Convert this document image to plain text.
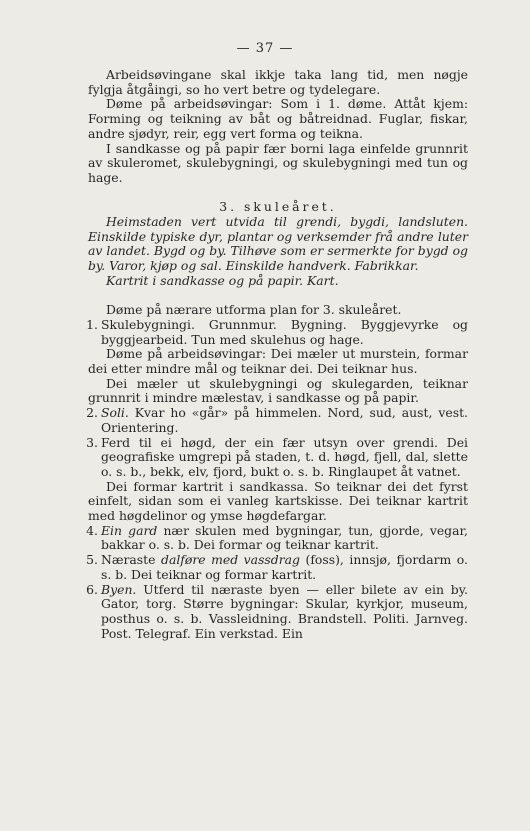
— 37 —

Arbeidsøvingane skal ikkje taka lang tid, men nøgje fylgja åtgåingi, so ho vert betre og tydelegare.

Døme på arbeidsøvingar: Som i 1. døme. Attåt kjem: Forming og teikning av båt og båtreidnad. Fuglar, fiskar, andre sjødyr, reir, egg vert forma og teikna.

I sandkasse og på papir fær borni laga einfelde grunnrit av skuleromet, skulebygningi, og skulebygningi med tun og hage.

3. skuleåret.

Heimstaden vert utvida til grendi, bygdi, landsluten. Einskilde typiske dyr, plantar og verksemder frå andre luter av landet. Bygd og by. Tilhøve som er sermerkte for bygd og by. Varor, kjøp og sal. Einskilde handverk. Fabrikkar.

Kartrit i sandkasse og på papir. Kart.

Døme på nærare utforma plan for 3. skuleåret.

1. Skulebygningi. Grunnmur. Bygning. Byggjevyrke og byggjearbeid. Tun med skulehus og hage.

Døme på arbeidsøvingar: Dei mæler ut murstein, formar dei etter mindre mål og teiknar dei. Dei teiknar hus.

Dei mæler ut skulebygningi og skulegarden, teiknar grunnrit i mindre mælestav, i sandkasse og på papir.

2. Soli. Kvar ho «går» på himmelen. Nord, sud, aust, vest. Orientering.

3. Ferd til ei høgd, der ein fær utsyn over grendi. Dei geografiske umgrepi på staden, t. d. høgd, fjell, dal, slette o. s. b., bekk, elv, fjord, bukt o. s. b. Ringlaupet åt vatnet.

Dei formar kartrit i sandkassa. So teiknar dei det fyrst einfelt, sidan som ei vanleg kartskisse. Dei teiknar kartrit med høgdelinor og ymse høgdefargar.

4. Ein gard nær skulen med bygningar, tun, gjorde, vegar, bakkar o. s. b. Dei formar og teiknar kartrit.

5. Næraste dalføre med vassdrag (foss), innsjø, fjordarm o. s. b. Dei teiknar og formar kartrit.

6. Byen. Utferd til næraste byen — eller bilete av ein by. Gator, torg. Større bygningar: Skular, kyrkjor, museum, posthus o. s. b. Vassleidning. Brandstell. Politi. Jarnveg. Post. Telegraf. Ein verkstad. Ein
